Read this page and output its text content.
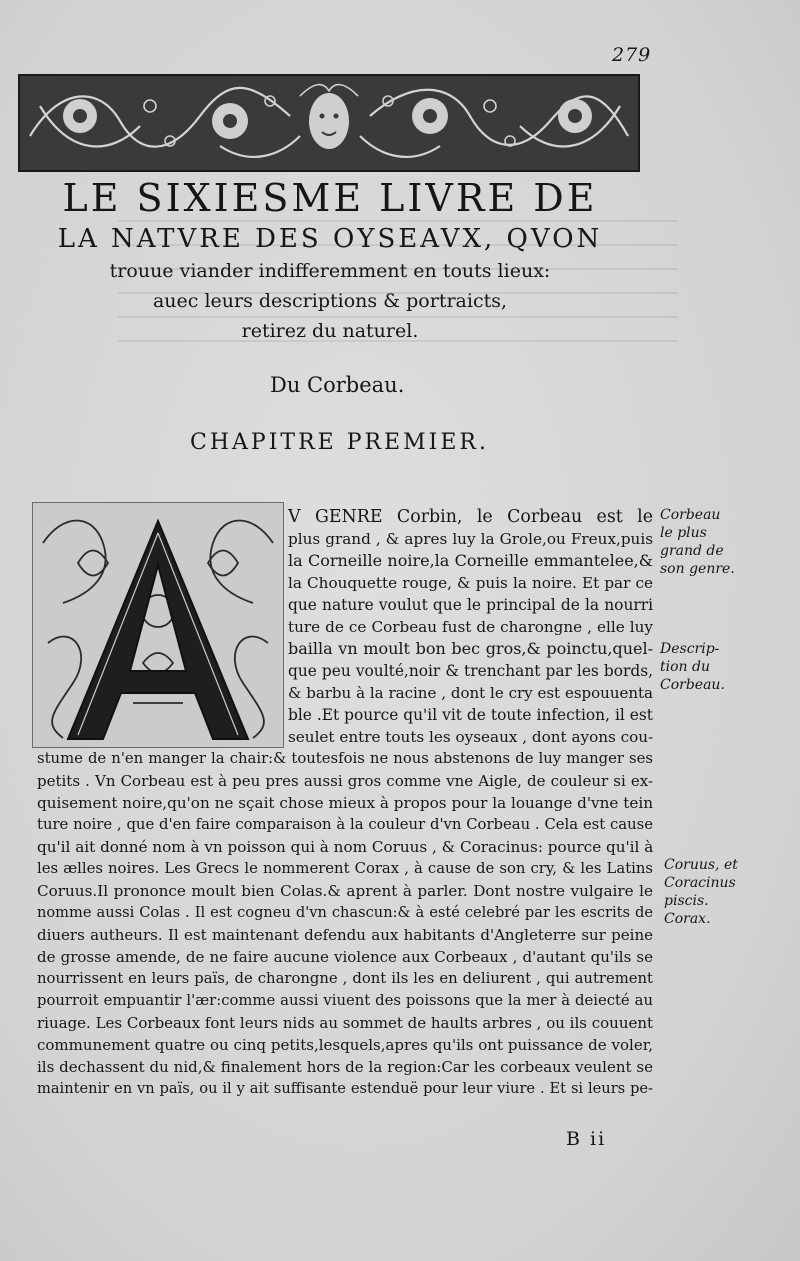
279
LE SIXIESME LIVRE DE
LA NATVRE DES OYSEAVX, QVON
trouue viander indifferemment en touts lieux:
auec leurs descriptions & portraicts,
retirez du naturel.
Du Corbeau.
CHAPITRE PREMIER.
V GENRE Corbin, le Corbeau est le
plus grand , & apres luy la Grole,ou Freux,puis
la Corneille noire,la Corneille emmantelee,&
la Chouquette rouge, & puis la noire. Et par ce
que nature voulut que le principal de la nourri
ture de ce Corbeau fust de charongne , elle luy
bailla vn moult bon bec gros,& poinctu,quel-
que peu voulté,noir & trenchant par les bords,
& barbu à la racine , dont le cry est espouuenta
ble .Et pource qu'il vit de toute infection, il est
seulet entre touts les oyseaux , dont ayons cou-
stume de n'en manger la chair:& toutesfois ne nous abstenons de luy manger ses
petits . Vn Corbeau est à peu pres aussi gros comme vne Aigle, de couleur si ex-
quisement noire,qu'on ne sçait chose mieux à propos pour la louange d'vne tein
ture noire , que d'en faire comparaison à la couleur d'vn Corbeau . Cela est cause
qu'il ait donné nom à vn poisson qui à nom Coruus , & Coracinus: pource qu'il à
les ælles noires. Les Grecs le nommerent Corax , à cause de son cry, & les Latins
Coruus.Il prononce moult bien Colas.& aprent à parler. Dont nostre vulgaire le
nomme aussi Colas . Il est cogneu d'vn chascun:& à esté celebré par les escrits de
diuers autheurs. Il est maintenant defendu aux habitants d'Angleterre sur peine
de grosse amende, de ne faire aucune violence aux Corbeaux , d'autant qu'ils se
nourrissent en leurs païs, de charongne , dont ils les en deliurent , qui autrement
pourroit empuantir l'ær:comme aussi viuent des poissons que la mer à deiecté au
riuage. Les Corbeaux font leurs nids au sommet de haults arbres , ou ils couuent
communement quatre ou cinq petits,lesquels,apres qu'ils ont puissance de voler,
ils dechassent du nid,& finalement hors de la region:Car les corbeaux veulent se
maintenir en vn païs, ou il y ait suffisante estenduë pour leur viure . Et si leurs pe-
Corbeau
le plus
grand de
son genre.
Descrip-
tion du
Corbeau.
Coruus, et
Coracinus
piscis.
Corax.
B ii
